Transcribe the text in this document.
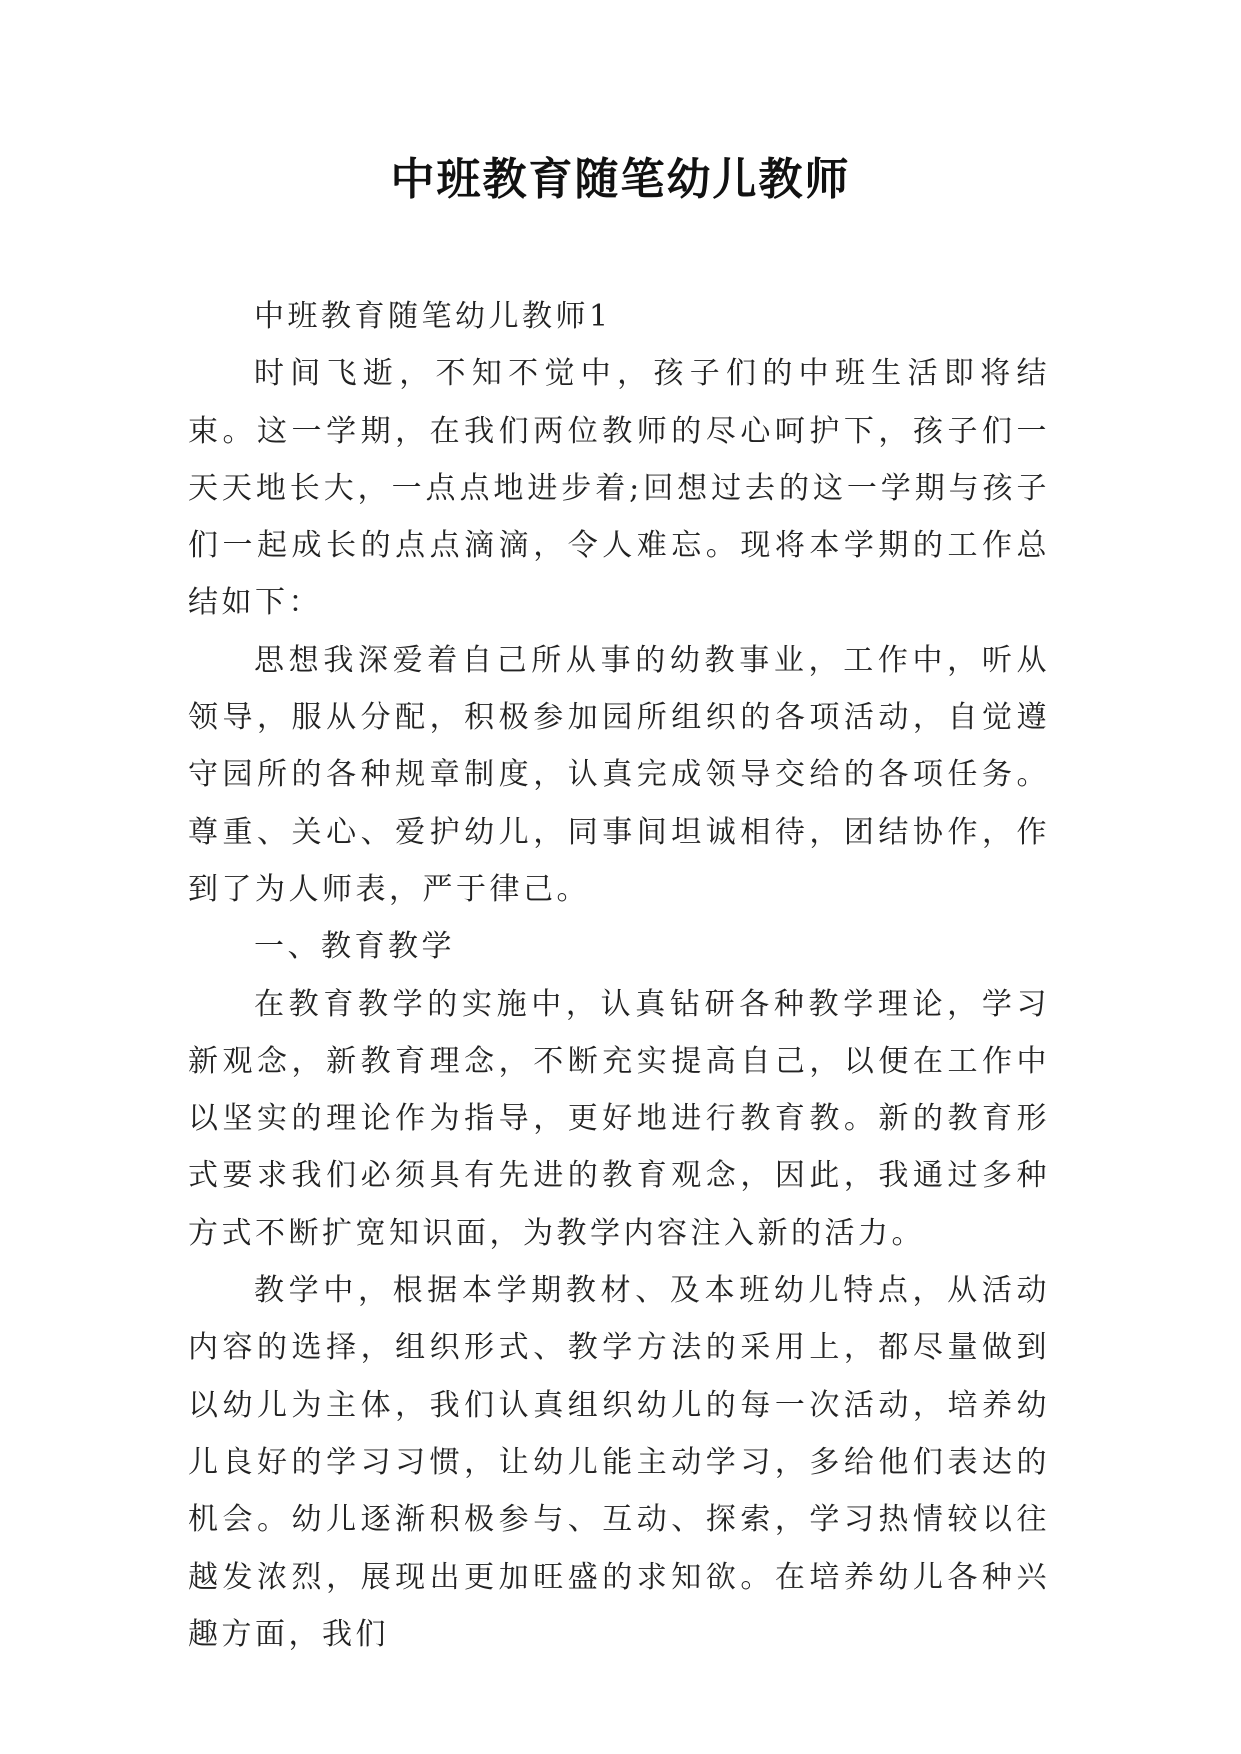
中班教育随笔幼儿教师

中班教育随笔幼儿教师1

时间飞逝，不知不觉中，孩子们的中班生活即将结束。这一学期，在我们两位教师的尽心呵护下，孩子们一天天地长大，一点点地进步着;回想过去的这一学期与孩子们一起成长的点点滴滴，令人难忘。现将本学期的工作总结如下：

思想我深爱着自己所从事的幼教事业，工作中，听从领导，服从分配，积极参加园所组织的各项活动，自觉遵守园所的各种规章制度，认真完成领导交给的各项任务。尊重、关心、爱护幼儿，同事间坦诚相待，团结协作，作到了为人师表，严于律己。

一、教育教学

在教育教学的实施中，认真钻研各种教学理论，学习新观念，新教育理念，不断充实提高自己，以便在工作中以坚实的理论作为指导，更好地进行教育教。新的教育形式要求我们必须具有先进的教育观念，因此，我通过多种方式不断扩宽知识面，为教学内容注入新的活力。

教学中，根据本学期教材、及本班幼儿特点，从活动内容的选择，组织形式、教学方法的采用上，都尽量做到以幼儿为主体，我们认真组织幼儿的每一次活动，培养幼儿良好的学习习惯，让幼儿能主动学习，多给他们表达的机会。幼儿逐渐积极参与、互动、探索，学习热情较以往越发浓烈，展现出更加旺盛的求知欲。在培养幼儿各种兴趣方面，我们
